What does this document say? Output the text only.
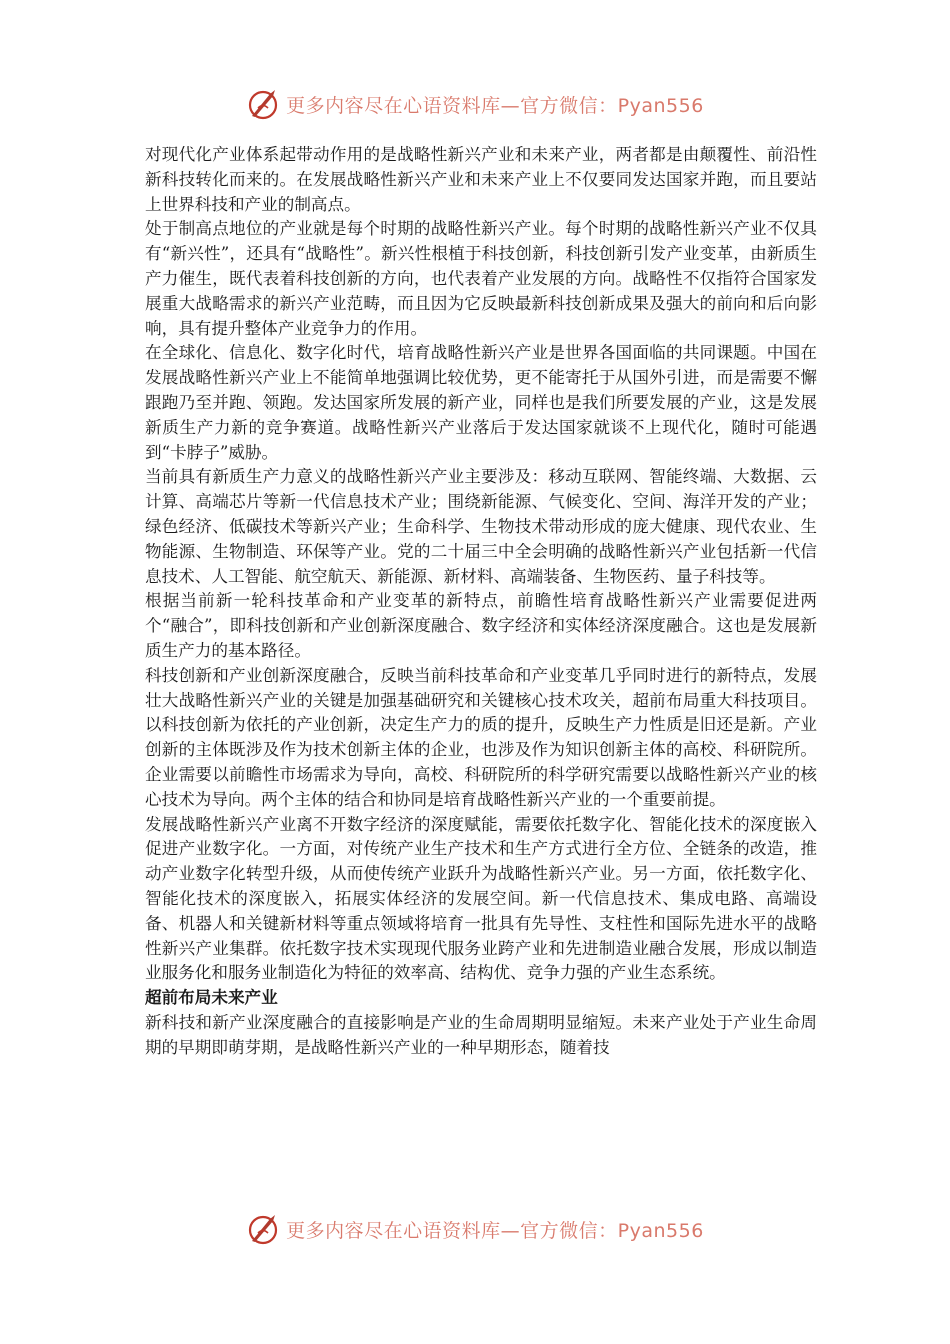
更多内容尽在心语资料库—官方微信：Pyan556

对现代化产业体系起带动作用的是战略性新兴产业和未来产业，两者都是由颠覆性、前沿性新科技转化而来的。在发展战略性新兴产业和未来产业上不仅要同发达国家并跑，而且要站上世界科技和产业的制高点。

处于制高点地位的产业就是每个时期的战略性新兴产业。每个时期的战略性新兴产业不仅具有“新兴性”，还具有“战略性”。新兴性根植于科技创新，科技创新引发产业变革，由新质生产力催生，既代表着科技创新的方向，也代表着产业发展的方向。战略性不仅指符合国家发展重大战略需求的新兴产业范畴，而且因为它反映最新科技创新成果及强大的前向和后向影响，具有提升整体产业竞争力的作用。

在全球化、信息化、数字化时代，培育战略性新兴产业是世界各国面临的共同课题。中国在发展战略性新兴产业上不能简单地强调比较优势，更不能寄托于从国外引进，而是需要不懈跟跑乃至并跑、领跑。发达国家所发展的新产业，同样也是我们所要发展的产业，这是发展新质生产力新的竞争赛道。战略性新兴产业落后于发达国家就谈不上现代化，随时可能遇到“卡脖子”威胁。

当前具有新质生产力意义的战略性新兴产业主要涉及：移动互联网、智能终端、大数据、云计算、高端芯片等新一代信息技术产业；围绕新能源、气候变化、空间、海洋开发的产业；绿色经济、低碳技术等新兴产业；生命科学、生物技术带动形成的庞大健康、现代农业、生物能源、生物制造、环保等产业。党的二十届三中全会明确的战略性新兴产业包括新一代信息技术、人工智能、航空航天、新能源、新材料、高端装备、生物医药、量子科技等。

根据当前新一轮科技革命和产业变革的新特点，前瞻性培育战略性新兴产业需要促进两个“融合”，即科技创新和产业创新深度融合、数字经济和实体经济深度融合。这也是发展新质生产力的基本路径。

科技创新和产业创新深度融合，反映当前科技革命和产业变革几乎同时进行的新特点，发展壮大战略性新兴产业的关键是加强基础研究和关键核心技术攻关，超前布局重大科技项目。以科技创新为依托的产业创新，决定生产力的质的提升，反映生产力性质是旧还是新。产业创新的主体既涉及作为技术创新主体的企业，也涉及作为知识创新主体的高校、科研院所。企业需要以前瞻性市场需求为导向，高校、科研院所的科学研究需要以战略性新兴产业的核心技术为导向。两个主体的结合和协同是培育战略性新兴产业的一个重要前提。

发展战略性新兴产业离不开数字经济的深度赋能，需要依托数字化、智能化技术的深度嵌入促进产业数字化。一方面，对传统产业生产技术和生产方式进行全方位、全链条的改造，推动产业数字化转型升级，从而使传统产业跃升为战略性新兴产业。另一方面，依托数字化、智能化技术的深度嵌入，拓展实体经济的发展空间。新一代信息技术、集成电路、高端设备、机器人和关键新材料等重点领域将培育一批具有先导性、支柱性和国际先进水平的战略性新兴产业集群。依托数字技术实现现代服务业跨产业和先进制造业融合发展，形成以制造业服务化和服务业制造化为特征的效率高、结构优、竞争力强的产业生态系统。

超前布局未来产业

新科技和新产业深度融合的直接影响是产业的生命周期明显缩短。未来产业处于产业生命周期的早期即萌芽期，是战略性新兴产业的一种早期形态，随着技

更多内容尽在心语资料库—官方微信：Pyan556
